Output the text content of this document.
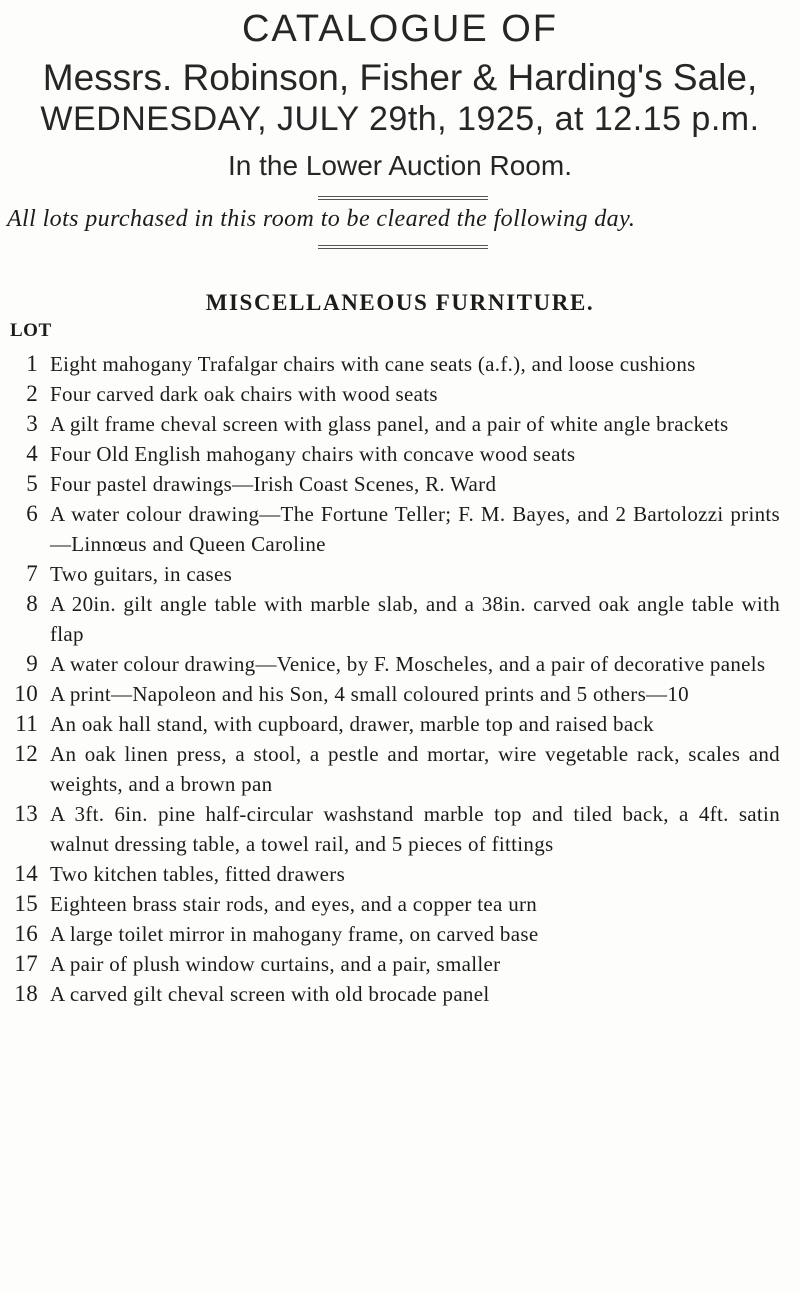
CATALOGUE OF
Messrs. Robinson, Fisher & Harding's Sale,
WEDNESDAY, JULY 29th, 1925, at 12.15 p.m.
In the Lower Auction Room.
All lots purchased in this room to be cleared the following day.
MISCELLANEOUS FURNITURE.
LOT
1 Eight mahogany Trafalgar chairs with cane seats (a.f.), and loose cushions
2 Four carved dark oak chairs with wood seats
3 A gilt frame cheval screen with glass panel, and a pair of white angle brackets
4 Four Old English mahogany chairs with concave wood seats
5 Four pastel drawings—Irish Coast Scenes, R. Ward
6 A water colour drawing—The Fortune Teller; F. M. Bayes, and 2 Bartolozzi prints—Linnœus and Queen Caroline
7 Two guitars, in cases
8 A 20in. gilt angle table with marble slab, and a 38in. carved oak angle table with flap
9 A water colour drawing—Venice, by F. Moscheles, and a pair of decorative panels
10 A print—Napoleon and his Son, 4 small coloured prints and 5 others—10
11 An oak hall stand, with cupboard, drawer, marble top and raised back
12 An oak linen press, a stool, a pestle and mortar, wire vegetable rack, scales and weights, and a brown pan
13 A 3ft. 6in. pine half-circular washstand marble top and tiled back, a 4ft. satin walnut dressing table, a towel rail, and 5 pieces of fittings
14 Two kitchen tables, fitted drawers
15 Eighteen brass stair rods, and eyes, and a copper tea urn
16 A large toilet mirror in mahogany frame, on carved base
17 A pair of plush window curtains, and a pair, smaller
18 A carved gilt cheval screen with old brocade panel
